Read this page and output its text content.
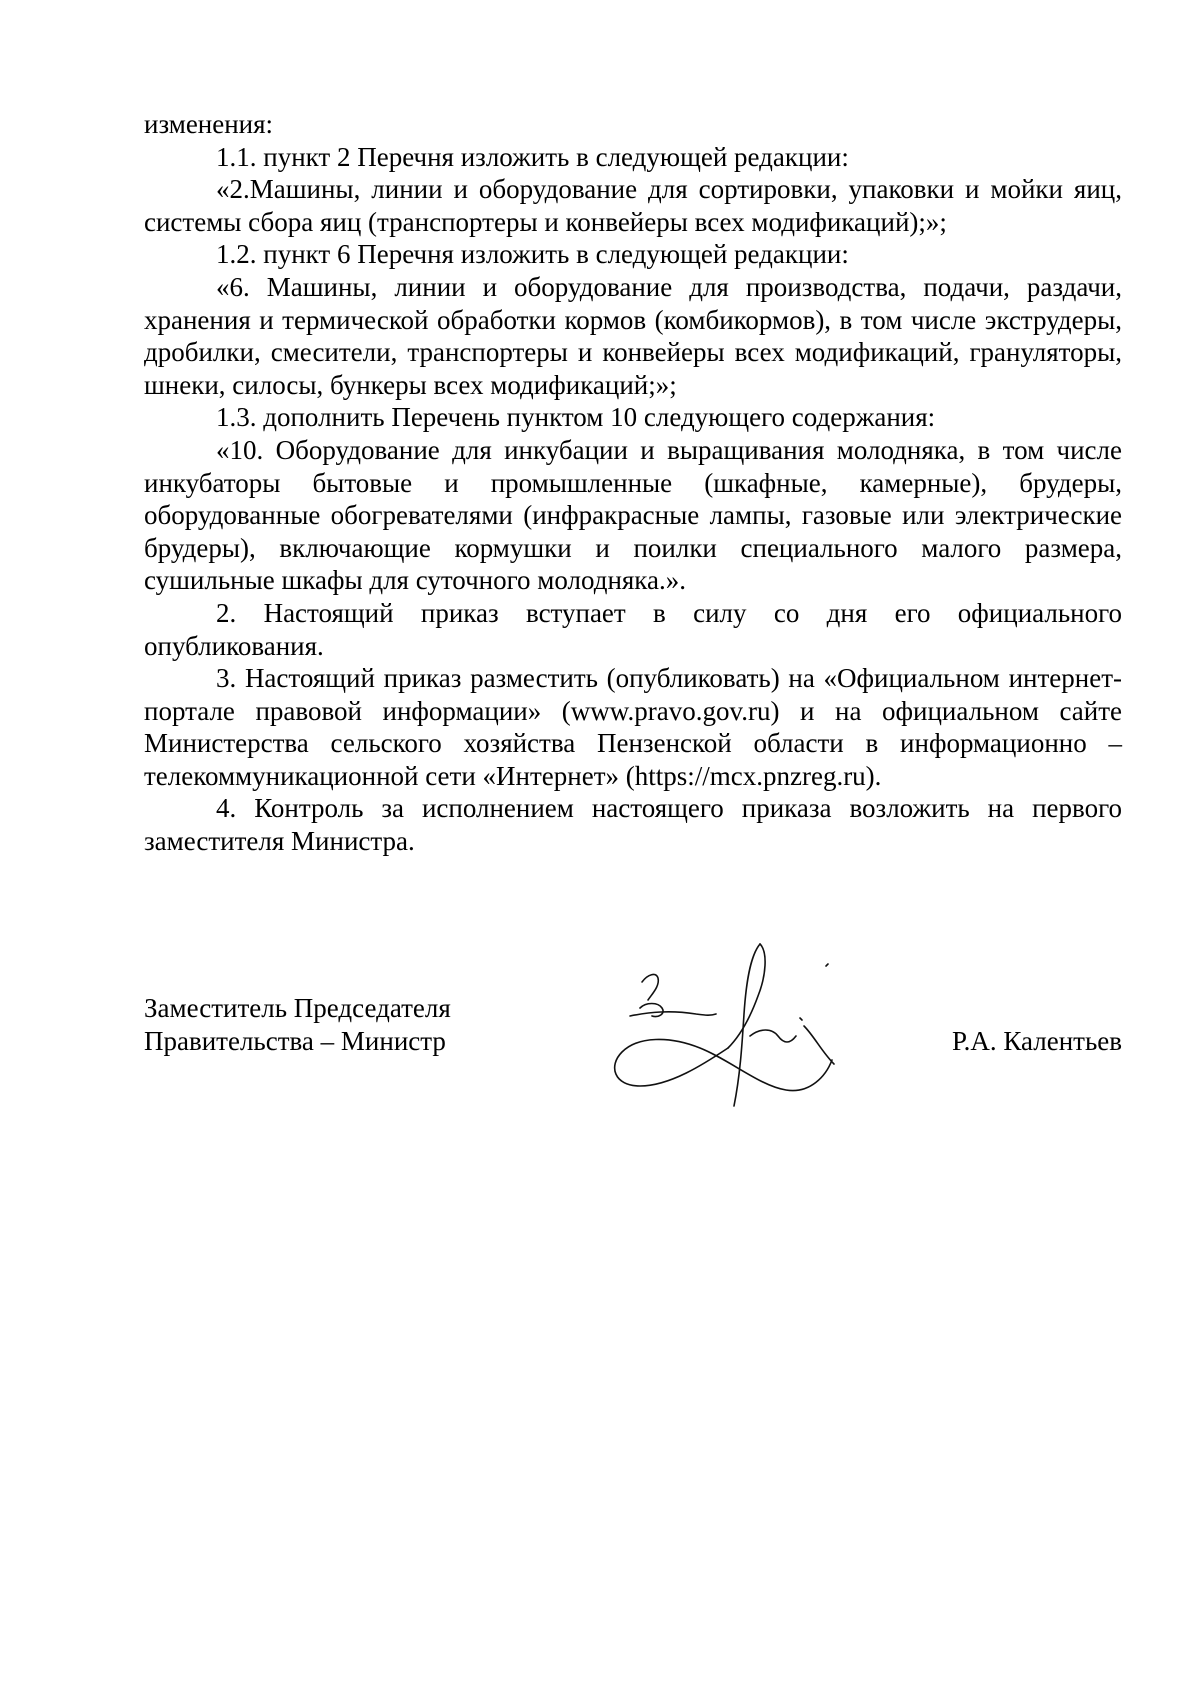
изменения:

1.1. пункт 2 Перечня изложить в следующей редакции:

«2.Машины, линии и оборудование для сортировки, упаковки и мойки яиц, системы сбора яиц (транспортеры и конвейеры всех модификаций);»;

1.2. пункт 6 Перечня изложить в следующей редакции:

«6. Машины, линии и оборудование для производства, подачи, раздачи, хранения и термической обработки кормов (комбикормов), в том числе экструдеры, дробилки, смесители, транспортеры и конвейеры всех модификаций, грануляторы, шнеки, силосы, бункеры всех модификаций;»;

1.3. дополнить Перечень пунктом 10 следующего содержания:

«10. Оборудование для инкубации и выращивания молодняка, в том числе инкубаторы бытовые и промышленные (шкафные, камерные), брудеры, оборудованные обогревателями (инфракрасные лампы, газовые или электрические брудеры), включающие кормушки и поилки специального малого размера, сушильные шкафы для суточного молодняка.».

2. Настоящий приказ вступает в силу со дня его официального опубликования.

3. Настоящий приказ разместить (опубликовать) на «Официальном интернет-портале правовой информации» (www.pravo.gov.ru) и на официальном сайте Министерства сельского хозяйства Пензенской области в информационно – телекоммуникационной сети «Интернет» (https://mcx.pnzreg.ru).

4. Контроль за исполнением настоящего приказа возложить на первого заместителя Министра.

Заместитель Председателя
Правительства – Министр	Р.А. Калентьев
